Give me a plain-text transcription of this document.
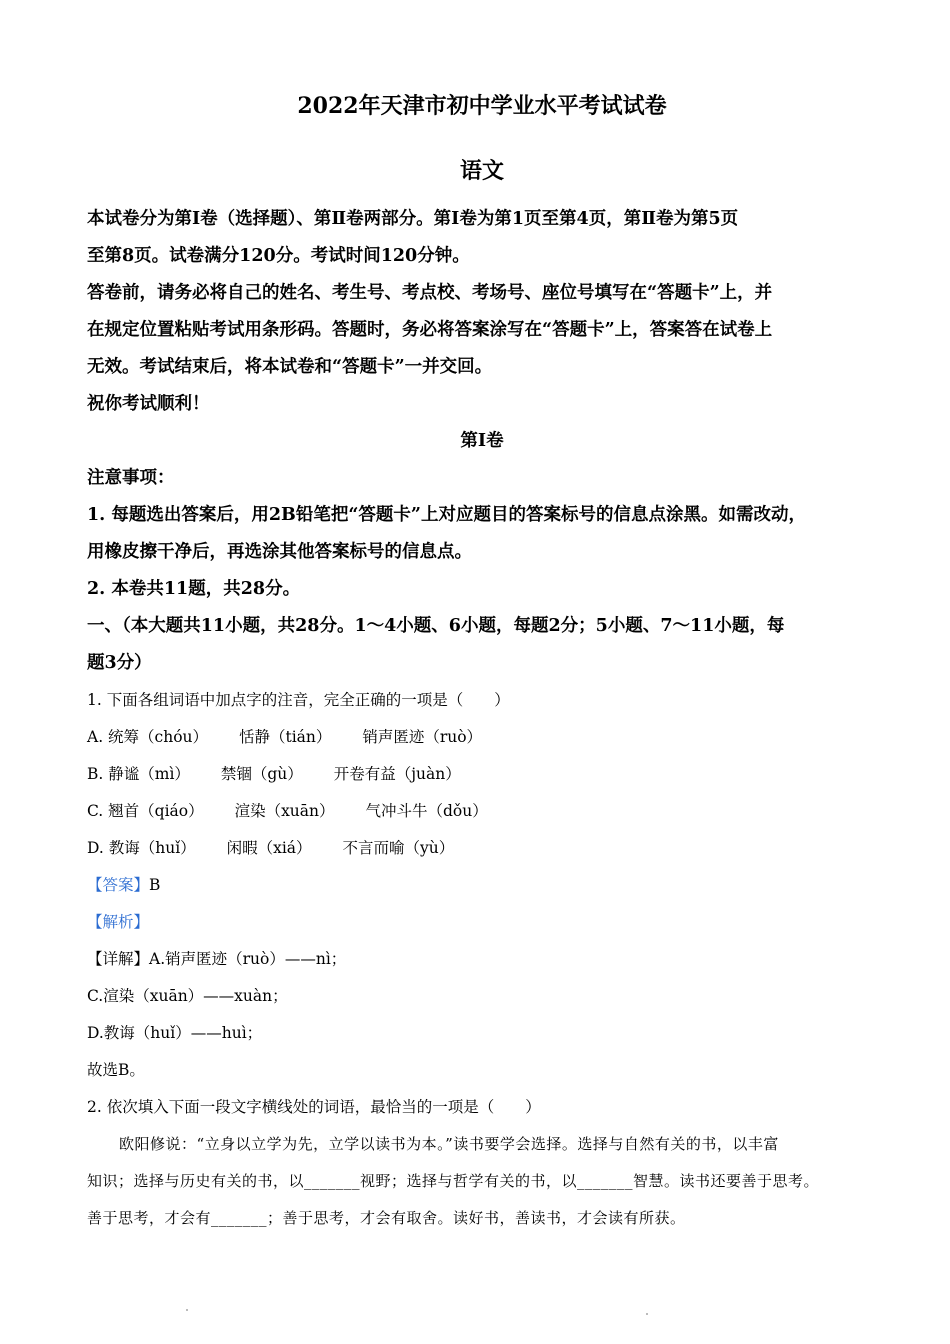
2022年天津市初中学业水平考试试卷
语文
本试卷分为第Ⅰ卷（选择题）、第Ⅱ卷两部分。第Ⅰ卷为第1页至第4页，第Ⅱ卷为第5页
至第8页。试卷满分120分。考试时间120分钟。
答卷前，请务必将自己的姓名、考生号、考点校、考场号、座位号填写在“答题卡”上，并
在规定位置粘贴考试用条形码。答题时，务必将答案涂写在“答题卡”上，答案答在试卷上
无效。考试结束后，将本试卷和“答题卡”一并交回。
祝你考试顺利！
第Ⅰ卷
注意事项：
1. 每题选出答案后，用2B铅笔把“答题卡”上对应题目的答案标号的信息点涂黑。如需改动，
用橡皮擦干净后，再选涂其他答案标号的信息点。
2. 本卷共11题，共28分。
一、（本大题共11小题，共28分。1～4小题、6小题，每题2分；5小题、7～11小题，每
题3分）
1. 下面各组词语中加点字的注音，完全正确的一项是（　　）
A. 统筹（chóu） 恬静（tián） 销声匿迹（ruò）
B. 静谧（mì） 禁锢（gù） 开卷有益（juàn）
C. 翘首（qiáo） 渲染（xuān） 气冲斗牛（dǒu）
D. 教诲（huǐ） 闲暇（xiá） 不言而喻（yù）
【答案】B
【解析】
【详解】A.销声匿迹（ruò）——nì；
C.渲染（xuān）——xuàn；
D.教诲（huǐ）——huì；
故选B。
2. 依次填入下面一段文字横线处的词语，最恰当的一项是（　　）
欧阳修说：“立身以立学为先，立学以读书为本。”读书要学会选择。选择与自然有关的书，以丰富
知识；选择与历史有关的书，以_______视野；选择与哲学有关的书，以_______智慧。读书还要善于思考。
善于思考，才会有_______；善于思考，才会有取舍。读好书，善读书，才会读有所获。
